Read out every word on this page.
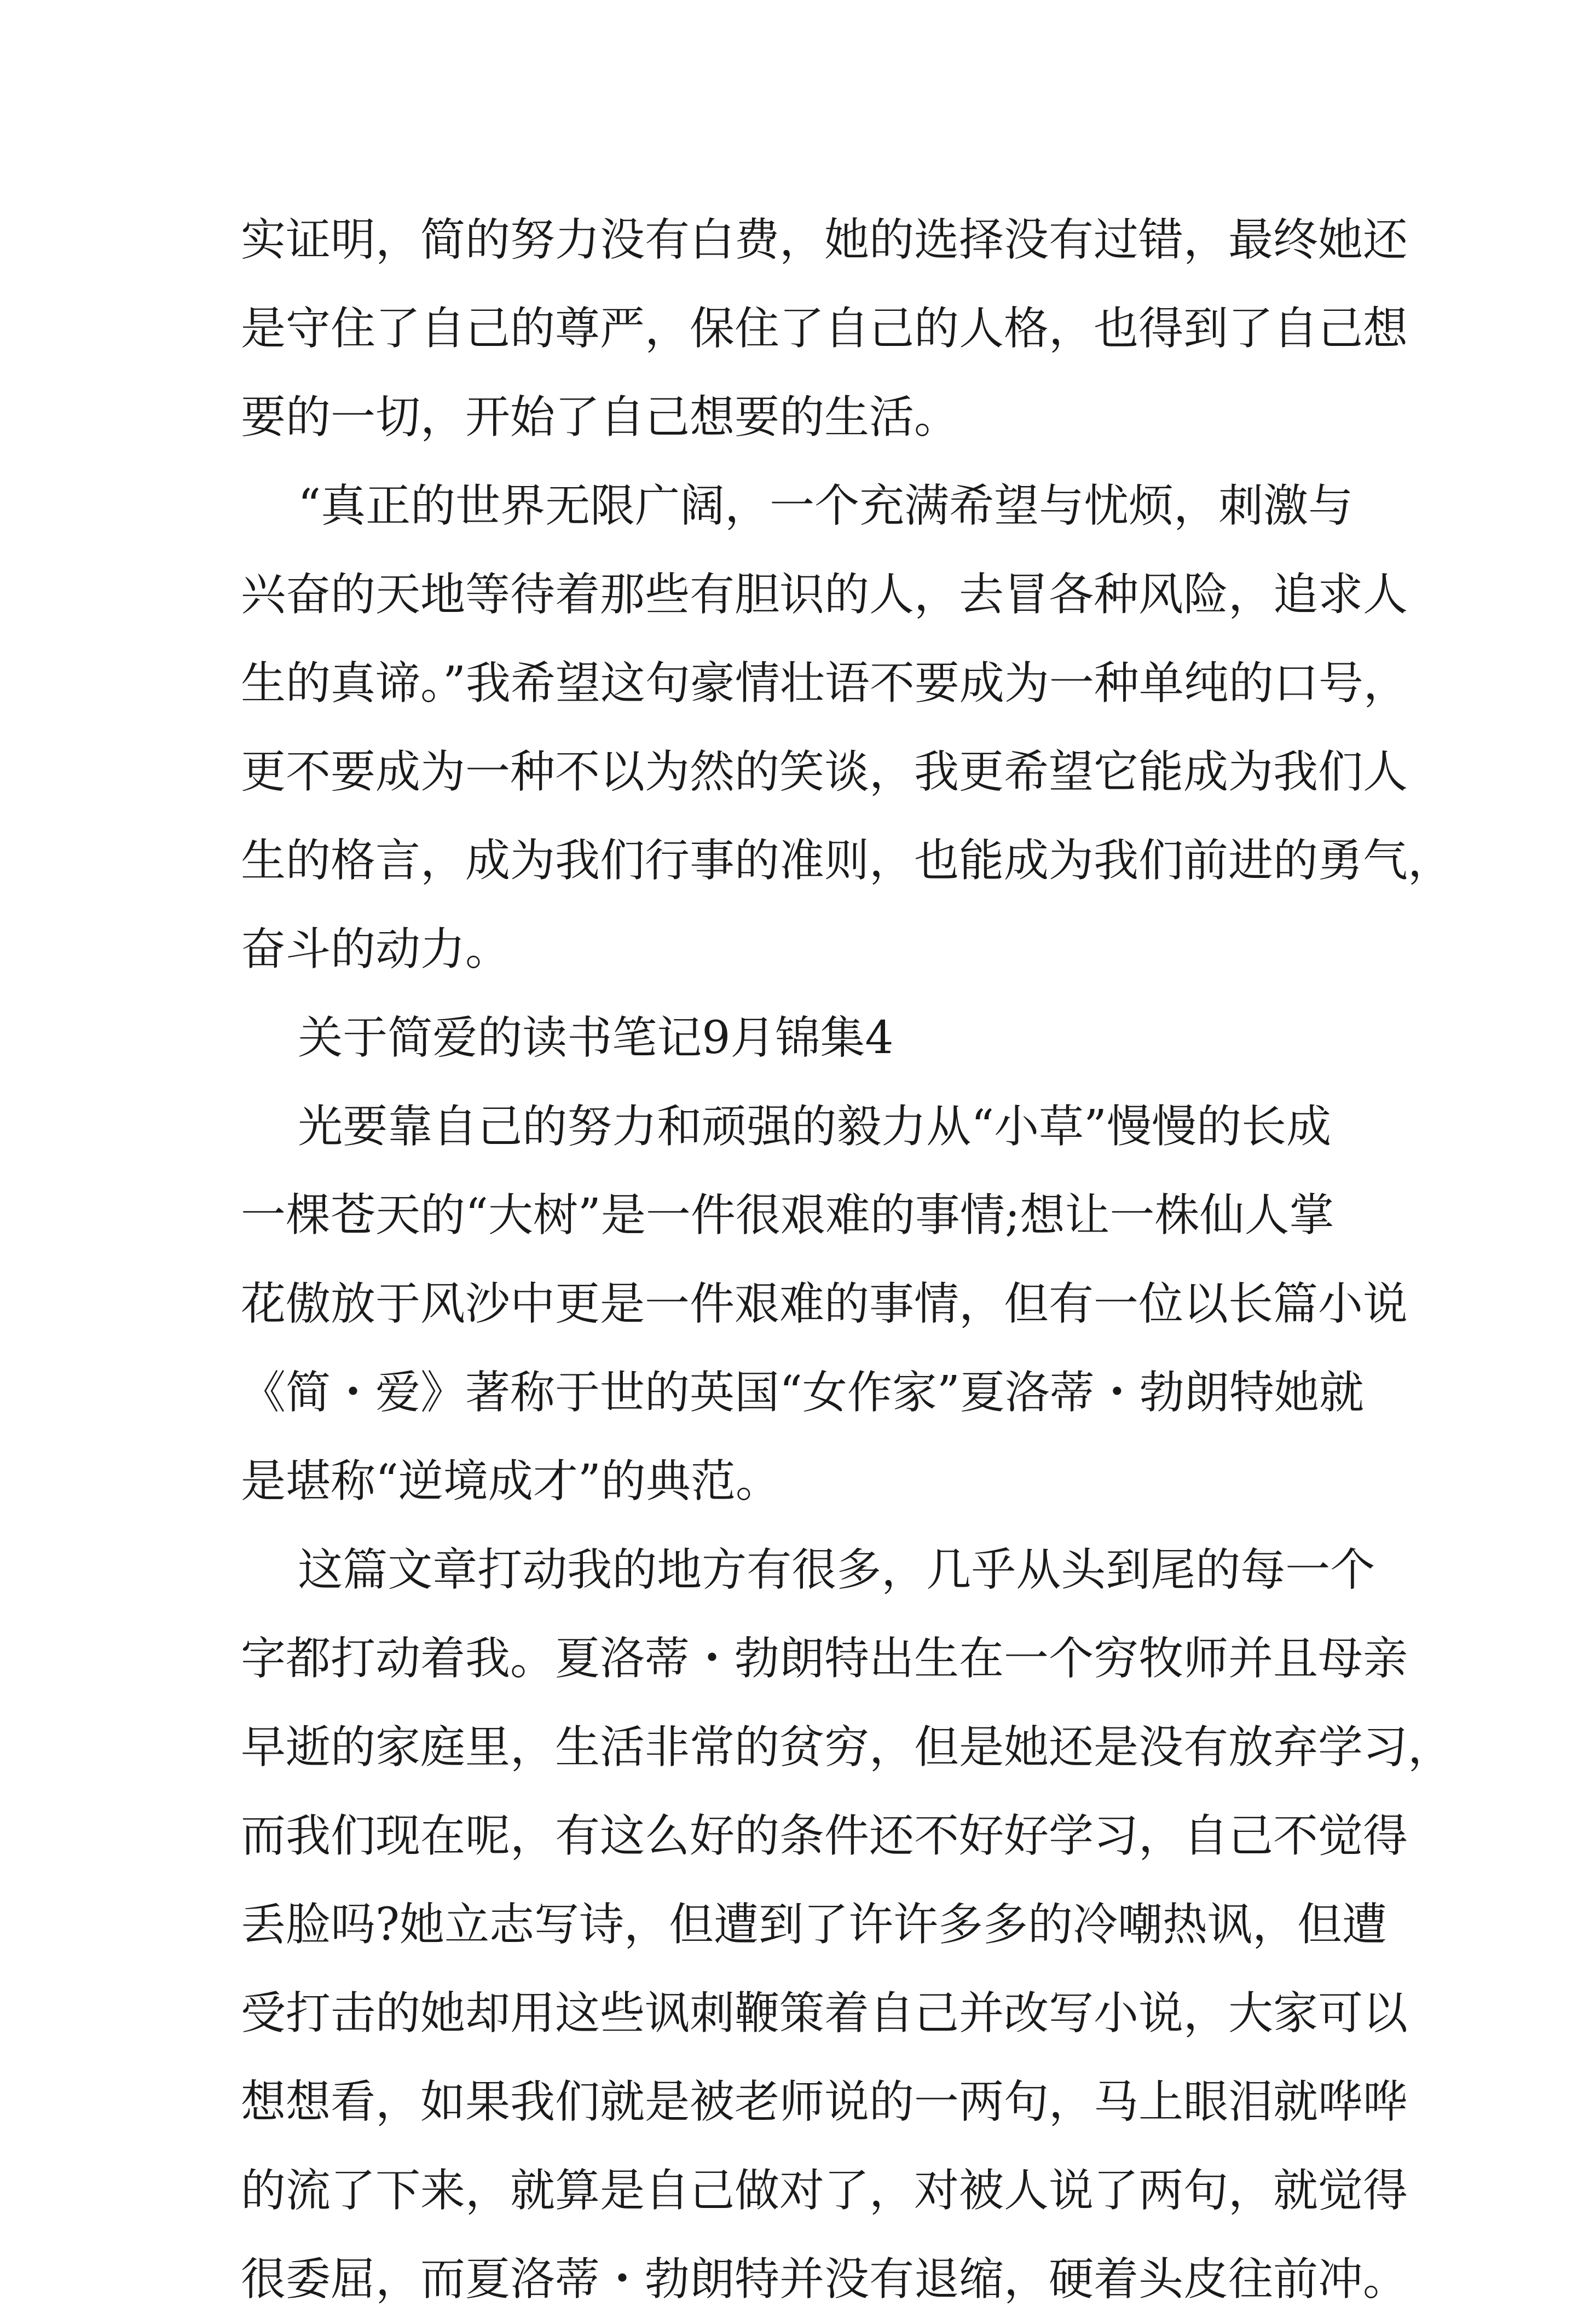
实证明，简的努力没有白费，她的选择没有过错，最终她还
是守住了自己的尊严，保住了自己的人格，也得到了自己想
要的一切，开始了自己想要的生活。
“真正的世界无限广阔，一个充满希望与忧烦，刺激与
兴奋的天地等待着那些有胆识的人，去冒各种风险，追求人
生的真谛。”我希望这句豪情壮语不要成为一种单纯的口号，
更不要成为一种不以为然的笑谈，我更希望它能成为我们人
生的格言，成为我们行事的准则，也能成为我们前进的勇气，
奋斗的动力。
关于简爱的读书笔记9月锦集4
光要靠自己的努力和顽强的毅力从“小草”慢慢的长成
一棵苍天的“大树”是一件很艰难的事情;想让一株仙人掌
花傲放于风沙中更是一件艰难的事情，但有一位以长篇小说
《简・爱》著称于世的英国“女作家”夏洛蒂・勃朗特她就
是堪称“逆境成才”的典范。
这篇文章打动我的地方有很多，几乎从头到尾的每一个
字都打动着我。夏洛蒂・勃朗特出生在一个穷牧师并且母亲
早逝的家庭里，生活非常的贫穷，但是她还是没有放弃学习，
而我们现在呢，有这么好的条件还不好好学习，自己不觉得
丢脸吗?她立志写诗，但遭到了许许多多的冷嘲热讽，但遭
受打击的她却用这些讽刺鞭策着自己并改写小说，大家可以
想想看，如果我们就是被老师说的一两句，马上眼泪就哗哗
的流了下来，就算是自己做对了，对被人说了两句，就觉得
很委屈，而夏洛蒂・勃朗特并没有退缩，硬着头皮往前冲。
